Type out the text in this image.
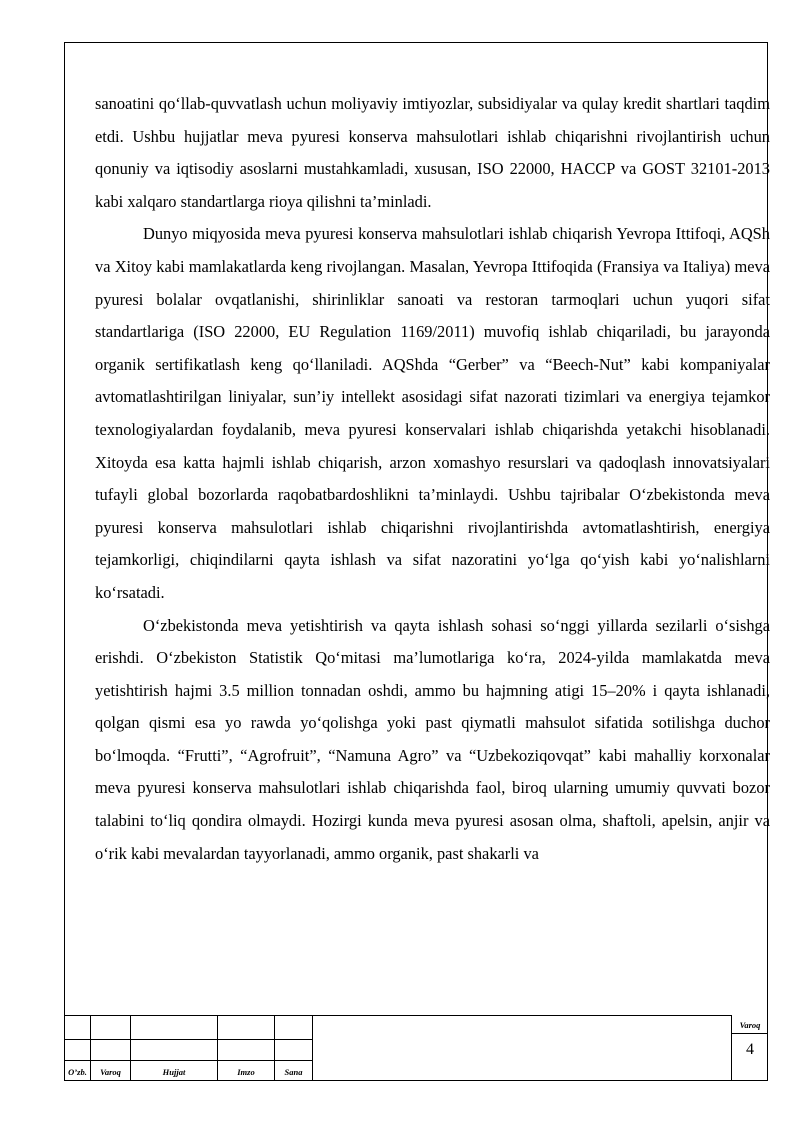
sanoatini qo‘llab-quvvatlash uchun moliyaviy imtiyozlar, subsidiyalar va qulay kredit shartlari taqdim etdi. Ushbu hujjatlar meva pyuresi konserva mahsulotlari ishlab chiqarishni rivojlantirish uchun qonuniy va iqtisodiy asoslarni mustahkamladi, xususan, ISO 22000, HACCP va GOST 32101-2013 kabi xalqaro standartlarga rioya qilishni ta’minladi.

Dunyo miqyosida meva pyuresi konserva mahsulotlari ishlab chiqarish Yevropa Ittifoqi, AQSh va Xitoy kabi mamlakatlarda keng rivojlangan. Masalan, Yevropa Ittifoqida (Fransiya va Italiya) meva pyuresi bolalar ovqatlanishi, shirinliklar sanoati va restoran tarmoqlari uchun yuqori sifat standartlariga (ISO 22000, EU Regulation 1169/2011) muvofiq ishlab chiqariladi, bu jarayonda organik sertifikatlash keng qo‘llaniladi. AQShda “Gerber” va “Beech-Nut” kabi kompaniyalar avtomatlashtirilgan liniyalar, sun’iy intellekt asosidagi sifat nazorati tizimlari va energiya tejamkor texnologiyalardan foydalanib, meva pyuresi konservalari ishlab chiqarishda yetakchi hisoblanadi. Xitoyda esa katta hajmli ishlab chiqarish, arzon xomashyo resurslari va qadoqlash innovatsiyalari tufayli global bozorlarda raqobatbardoshlikni ta’minlaydi. Ushbu tajribalar O‘zbekistonda meva pyuresi konserva mahsulotlari ishlab chiqarishni rivojlantirishda avtomatlashtirish, energiya tejamkorligi, chiqindilarni qayta ishlash va sifat nazoratini yo‘lga qo‘yish kabi yo‘nalishlarni ko‘rsatadi.

O‘zbekistonda meva yetishtirish va qayta ishlash sohasi so‘nggi yillarda sezilarli o‘sishga erishdi. O‘zbekiston Statistik Qo‘mitasi ma’lumotlariga ko‘ra, 2024-yilda mamlakatda meva yetishtirish hajmi 3.5 million tonnadan oshdi, ammo bu hajmning atigi 15–20% i qayta ishlanadi, qolgan qismi esa yo rawda yo‘qolishga yoki past qiymatli mahsulot sifatida sotilishga duchor bo‘lmoqda. “Frutti”, “Agrofruit”, “Namuna Agro” va “Uzbekoziqovqat” kabi mahalliy korxonalar meva pyuresi konserva mahsulotlari ishlab chiqarishda faol, biroq ularning umumiy quvvati bozor talabini to‘liq qondira olmaydi. Hozirgi kunda meva pyuresi asosan olma, shaftoli, apelsin, anjir va o‘rik kabi mevalardan tayyorlanadi, ammo organik, past shakarli va

O’zb.	Varoq	Hujjat	Imzo	Sana
Varoq
4
